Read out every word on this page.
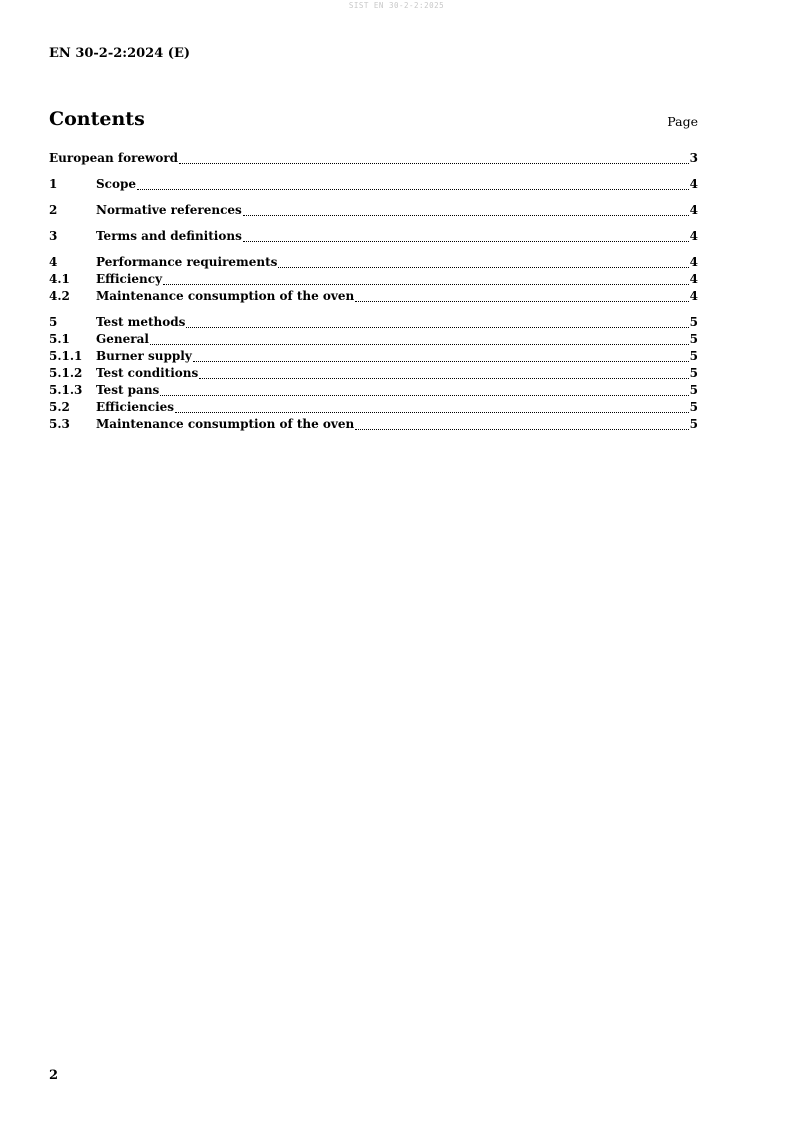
SIST EN 30-2-2:2025
EN 30-2-2:2024 (E)
Contents	Page
European foreword	3
1	Scope	4
2	Normative references	4
3	Terms and definitions	4
4	Performance requirements	4
4.1	Efficiency	4
4.2	Maintenance consumption of the oven	4
5	Test methods	5
5.1	General	5
5.1.1	Burner supply	5
5.1.2	Test conditions	5
5.1.3	Test pans	5
5.2	Efficiencies	5
5.3	Maintenance consumption of the oven	5
2
